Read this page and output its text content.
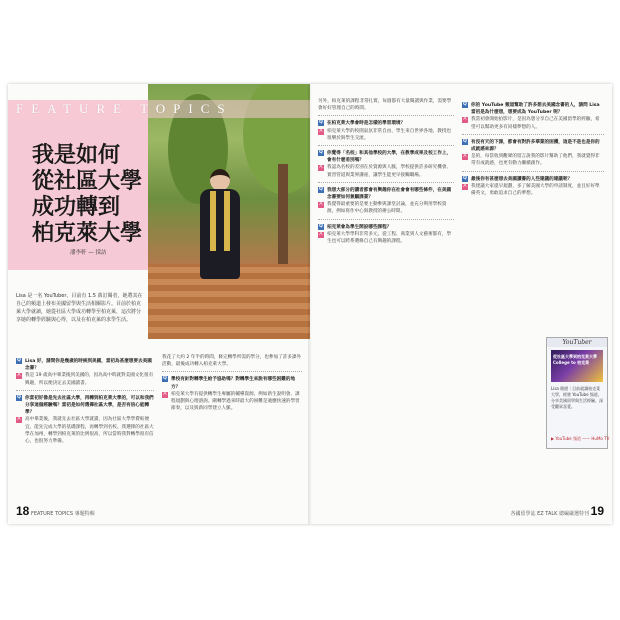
FEATURE TOPICS
我是如何
從社區大學
成功轉到
柏克萊大學
潘李軒 — 採訪
Lisa 是一名 YouTuber，目前有 1.5 萬訂閱者，她將其在自己的頻道上發布美國留學與生活相關影片。目前於柏克萊大學就讀，她從社區大學成功轉學至柏克萊，這次將分享她的轉學經驗與心得，以及在柏克萊的求學生活。
Q Lisa 好，請問你是幾歲的時候到美國，當初為甚麼想要去美國念書？
A 我是 19 歲高中畢業後到美國的，因為高中時就對美國文化很有興趣，所以便決定去美國讀書。
Q 你當初好像是先去社區大學，再轉到柏克萊大學的，可以和我們分享這個經驗嗎？當初是如何選擇社區大學，是否有信心能轉學？
A 高中畢業後，我就先去社區大學就讀，因為社區大學學費較便宜，能先完成大學的基礎課程，再轉學到名校。我選擇的社區大學在加州，轉學到柏克萊的比例很高，所以當時我對轉學很有信心，也很努力準備。
我花了大約 2 年半的時間，修完轉學所需的學分，也參加了許多課外活動，最後成功轉入柏克萊大學。
Q 學校有針對轉學生給予協助嗎？對轉學生來說有哪些困難的地方？
A 柏克萊大學有提供轉學生專屬的輔導資源，例如新生說明會、課程規劃與心理諮詢。剛轉學過來時最大的困難是適應快速的學習節奏，以及與新同學建立人脈。
18 FEATURE TOPICS 專題特輯
另外，柏克萊的課程非常扎實，每週都有大量閱讀與作業，需要學會好好管理自己的時間。
Q 在柏克萊大學會時是怎樣的學習環境？
A 柏克萊大學的校園氣氛非常自由，學生來自世界各地，教授也很樂於與學生交流。
Q 你覺得「名校」和其他學校的大學，在教學成果及校工作上，會有什麼差別嗎？
A 我認為名校的差別在於資源與人脈，學校提供許多研究機會、實習管道與業界講座，讓學生能更早接觸職場。
Q 我想大部分的讀者都會有興趣你在社會會有哪些條件，在美國念書要如何兼顧課業？
A 我覺得最重要的是要主動參與課堂討論，並充分利用學校資源，例如寫作中心與教授的辦公時間。
Q 柏克萊會為學生開設哪些課程？
A 柏克萊大學學科非常多元，從工程、商業到人文藝術都有，學生也可以跨系選修自己有興趣的課程。
Q 你的 YouTube 頻道幫助了許多想去美國念書的人，請問 Lisa 當初是為什麼想，想要成為 YouTuber 呢？
A 我當初會開始拍影片，是因為想分享自己在美國留學的經驗，希望可以幫助更多有同樣夢想的人。
Q 有沒有天的下課，都會有對許多華業的困擾，這是不是也是你的成就感來源？
A 是的，每當收到觀眾的留言說我的影片幫助了他們，我就覺得非常有成就感，也更有動力繼續創作。
Q 最後你有甚麼想去美國讀書的人些建議的建議呢？
A 我建議大家提早規劃，多了解美國大學的申請制度，並且好好準備英文，勇敢追求自己的夢想。
YouTuber
從社區大學到柏克萊大學 College to 柏克萊
Lisa 簡歷｜目前就讀柏克萊大學，經營 YouTube 頻道，分享美國留學與生活經驗，深受觀眾喜愛。
▶ YouTube 頻道 —— HuMo TV
各國留學誌 EZ TALK 總編嚴選特刊 19
